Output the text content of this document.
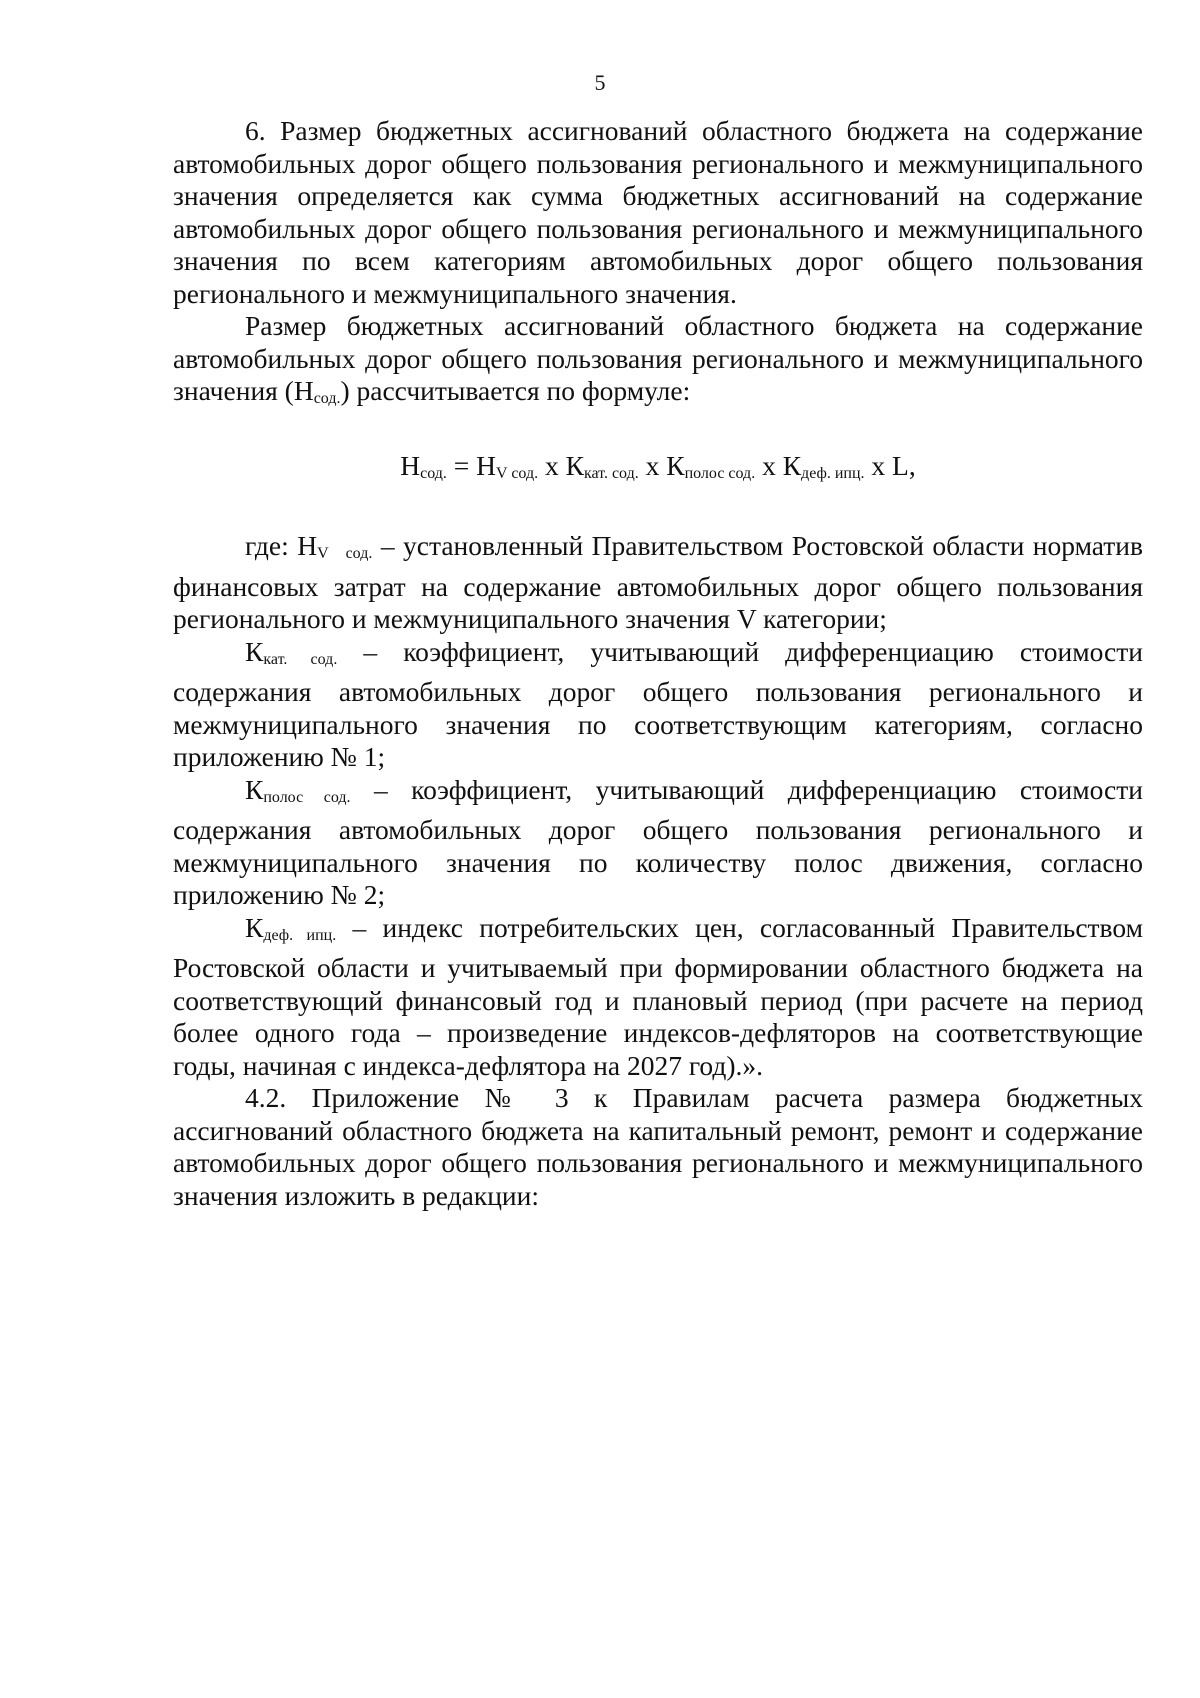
5

6. Размер бюджетных ассигнований областного бюджета на содержание автомобильных дорог общего пользования регионального и межмуниципального значения определяется как сумма бюджетных ассигнований на содержание автомобильных дорог общего пользования регионального и межмуниципального значения по всем категориям автомобильных дорог общего пользования регионального и межмуниципального значения.

Размер бюджетных ассигнований областного бюджета на содержание автомобильных дорог общего пользования регионального и межмуниципального значения (Нсод.) рассчитывается по формуле:

Нсод. = НV сод. х Ккат. сод. х Кполос сод. х Кдеф. ипц. х L,

где: НV сод. – установленный Правительством Ростовской области норматив финансовых затрат на содержание автомобильных дорог общего пользования регионального и межмуниципального значения V категории;

Ккат. сод. – коэффициент, учитывающий дифференциацию стоимости содержания автомобильных дорог общего пользования регионального и межмуниципального значения по соответствующим категориям, согласно приложению № 1;

Кполос сод. – коэффициент, учитывающий дифференциацию стоимости содержания автомобильных дорог общего пользования регионального и межмуниципального значения по количеству полос движения, согласно приложению № 2;

Кдеф. ипц. – индекс потребительских цен, согласованный Правительством Ростовской области и учитываемый при формировании областного бюджета на соответствующий финансовый год и плановый период (при расчете на период более одного года – произведение индексов-дефляторов на соответствующие годы, начиная с индекса-дефлятора на 2027 год).».

4.2. Приложение № 3 к Правилам расчета размера бюджетных ассигнований областного бюджета на капитальный ремонт, ремонт и содержание автомобильных дорог общего пользования регионального и межмуниципального значения изложить в редакции:
